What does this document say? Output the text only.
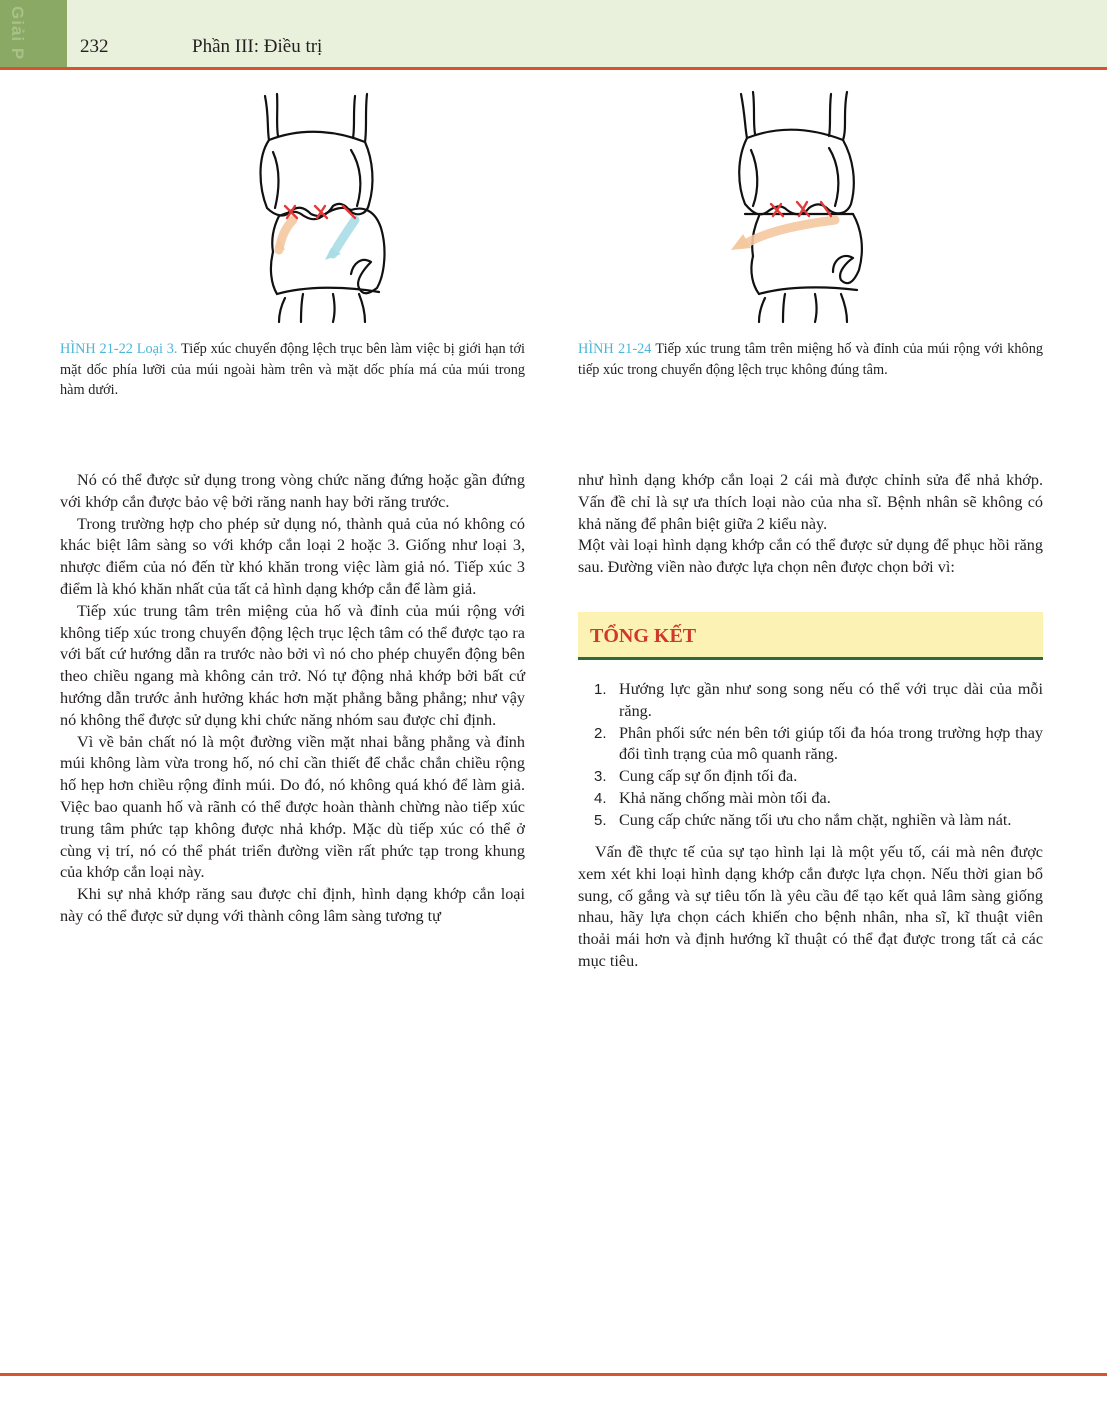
Giải P	232	Phần III: Điều trị
HÌNH 21-22 Loại 3. Tiếp xúc chuyển động lệch trục bên làm việc bị giới hạn tới mặt dốc phía lưỡi của múi ngoài hàm trên và mặt dốc phía má của múi trong hàm dưới.
HÌNH 21-24 Tiếp xúc trung tâm trên miệng hố và đỉnh của múi rộng với không tiếp xúc trong chuyển động lệch trục không đúng tâm.

Nó có thể được sử dụng trong vòng chức năng đứng hoặc gần đứng với khớp cắn được bảo vệ bởi răng nanh hay bởi răng trước.

Trong trường hợp cho phép sử dụng nó, thành quả của nó không có khác biệt lâm sàng so với khớp cắn loại 2 hoặc 3. Giống như loại 3, nhược điểm của nó đến từ khó khăn trong việc làm giả nó. Tiếp xúc 3 điểm là khó khăn nhất của tất cả hình dạng khớp cắn để làm giả.

Tiếp xúc trung tâm trên miệng của hố và đỉnh của múi rộng với không tiếp xúc trong chuyển động lệch trục lệch tâm có thể được tạo ra với bất cứ hướng dẫn ra trước nào bởi vì nó cho phép chuyển động bên theo chiều ngang mà không cản trở. Nó tự động nhả khớp bởi bất cứ hướng dẫn trước ảnh hưởng khác hơn mặt phẳng bằng phẳng; như vậy nó không thể được sử dụng khi chức năng nhóm sau được chỉ định.

Vì về bản chất nó là một đường viền mặt nhai bằng phẳng và đỉnh múi không làm vừa trong hố, nó chỉ cần thiết để chắc chắn chiều rộng hố hẹp hơn chiều rộng đỉnh múi. Do đó, nó không quá khó để làm giả. Việc bao quanh hố và rãnh có thể được hoàn thành chừng nào tiếp xúc trung tâm phức tạp không được nhả khớp. Mặc dù tiếp xúc có thể ở cùng vị trí, nó có thể phát triển đường viền rất phức tạp trong khung của khớp cắn loại này.

Khi sự nhả khớp răng sau được chỉ định, hình dạng khớp cắn loại này có thể được sử dụng với thành công lâm sàng tương tự

như hình dạng khớp cắn loại 2 cái mà được chỉnh sửa để nhả khớp. Vấn đề chỉ là sự ưa thích loại nào của nha sĩ. Bệnh nhân sẽ không có khả năng để phân biệt giữa 2 kiểu này.

Một vài loại hình dạng khớp cắn có thể được sử dụng để phục hồi răng sau. Đường viền nào được lựa chọn nên được chọn bởi vì:

TỔNG KẾT
1. Hướng lực gần như song song nếu có thể với trục dài của mỗi răng.
2. Phân phối sức nén bên tới giúp tối đa hóa trong trường hợp thay đổi tình trạng của mô quanh răng.
3. Cung cấp sự ổn định tối đa.
4. Khả năng chống mài mòn tối đa.
5. Cung cấp chức năng tối ưu cho nắm chặt, nghiền và làm nát.

Vấn đề thực tế của sự tạo hình lại là một yếu tố, cái mà nên được xem xét khi loại hình dạng khớp cắn được lựa chọn. Nếu thời gian bổ sung, cố gắng và sự tiêu tốn là yêu cầu để tạo kết quả lâm sàng giống nhau, hãy lựa chọn cách khiến cho bệnh nhân, nha sĩ, kĩ thuật viên thoải mái hơn và định hướng kĩ thuật có thể đạt được trong tất cả các mục tiêu.
